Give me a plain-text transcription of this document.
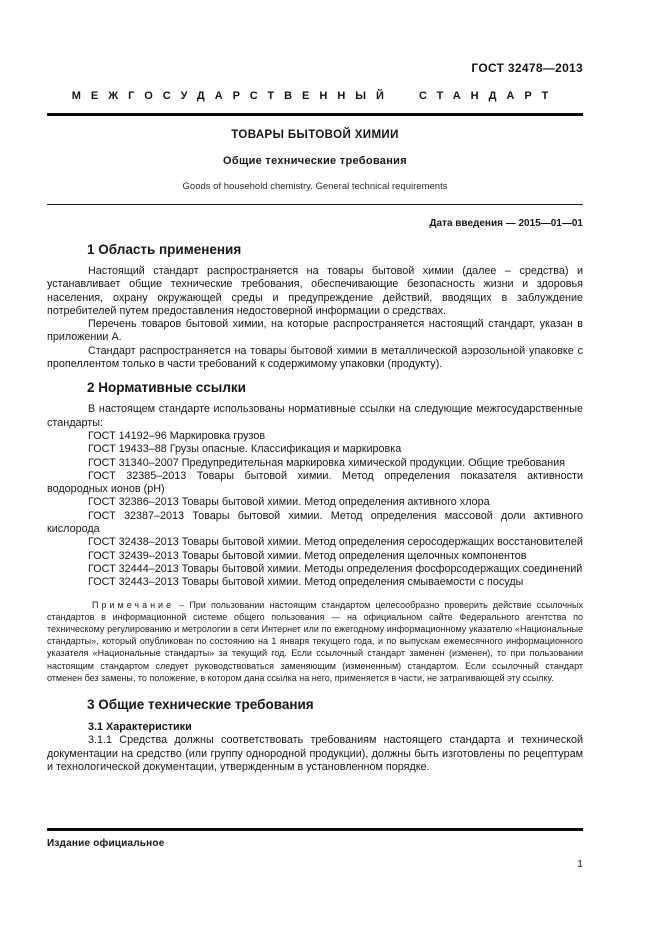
ГОСТ 32478—2013
МЕЖГОСУДАРСТВЕННЫЙ СТАНДАРТ
ТОВАРЫ БЫТОВОЙ ХИМИИ
Общие технические требования
Goods of household chemistry. General technical requirements
Дата введения — 2015—01—01
1 Область применения

Настоящий стандарт распространяется на товары бытовой химии (далее – средства) и устанавливает общие технические требования, обеспечивающие безопасность жизни и здоровья населения, охрану окружающей среды и предупреждение действий, вводящих в заблуждение потребителей путем предоставления недостоверной информации о средствах.

Перечень товаров бытовой химии, на которые распространяется настоящий стандарт, указан в приложении А.

Стандарт распространяется на товары бытовой химии в металлической аэрозольной упаковке с пропеллентом только в части требований к содержимому упаковки (продукту).

2 Нормативные ссылки

В настоящем стандарте использованы нормативные ссылки на следующие межгосударственные стандарты:

ГОСТ 14192–96 Маркировка грузов

ГОСТ 19433–88 Грузы опасные. Классификация и маркировка

ГОСТ 31340–2007 Предупредительная маркировка химической продукции. Общие требования

ГОСТ 32385–2013 Товары бытовой химии. Метод определения показателя активности водородных ионов (рН)

ГОСТ 32386–2013 Товары бытовой химии. Метод определения активного хлора

ГОСТ 32387–2013 Товары бытовой химии. Метод определения массовой доли активного кислорода

ГОСТ 32438–2013 Товары бытовой химии. Метод определения серосодержащих восстановителей

ГОСТ 32439–2013 Товары бытовой химии. Метод определения щелочных компонентов

ГОСТ 32444–2013 Товары бытовой химии. Методы определения фосфорсодержащих соединений

ГОСТ 32443–2013 Товары бытовой химии. Метод определения смываемости с посуды

Примечание – При пользовании настоящим стандартом целесообразно проверить действие ссылочных стандартов в информационной системе общего пользования — на официальном сайте Федерального агентства по техническому регулированию и метрологии в сети Интернет или по ежегодному информационному указателю «Национальные стандарты», который опубликован по состоянию на 1 января текущего года, и по выпускам ежемесячного информационного указателя «Национальные стандарты» за текущий год. Если ссылочный стандарт заменен (изменен), то при пользовании настоящим стандартом следует руководствоваться заменяющим (измененным) стандартом. Если ссылочный стандарт отменен без замены, то положение, в котором дана ссылка на него, применяется в части, не затрагивающей эту ссылку.

3 Общие технические требования

3.1 Характеристики

3.1.1 Средства должны соответствовать требованиям настоящего стандарта и технической документации на средство (или группу однородной продукции), должны быть изготовлены по рецептурам и технологической документации, утвержденным в установленном порядке.

Издание официальное
1
